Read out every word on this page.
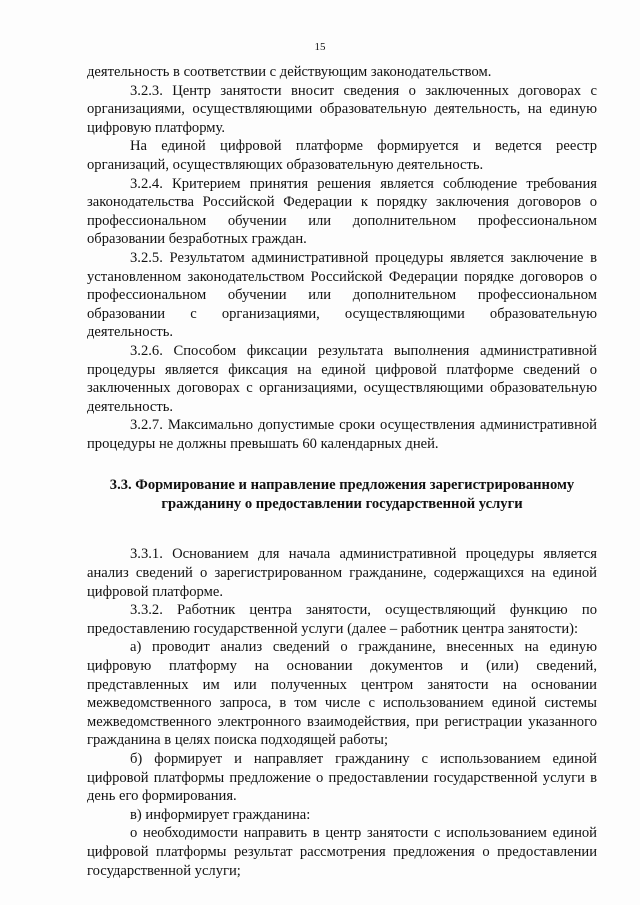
15

деятельность в соответствии с действующим законодательством.

3.2.3. Центр занятости вносит сведения о заключенных договорах с организациями, осуществляющими образовательную деятельность, на единую цифровую платформу.

На единой цифровой платформе формируется и ведется реестр организаций, осуществляющих образовательную деятельность.

3.2.4. Критерием принятия решения является соблюдение требования законодательства Российской Федерации к порядку заключения договоров о профессиональном обучении или дополнительном профессиональном образовании безработных граждан.

3.2.5. Результатом административной процедуры является заключение в установленном законодательством Российской Федерации порядке договоров о профессиональном обучении или дополнительном профессиональном образовании с организациями, осуществляющими образовательную деятельность.

3.2.6. Способом фиксации результата выполнения административной процедуры является фиксация на единой цифровой платформе сведений о заключенных договорах с организациями, осуществляющими образовательную деятельность.

3.2.7. Максимально допустимые сроки осуществления административной процедуры не должны превышать 60 календарных дней.

3.3. Формирование и направление предложения зарегистрированному гражданину о предоставлении государственной услуги

3.3.1. Основанием для начала административной процедуры является анализ сведений о зарегистрированном гражданине, содержащихся на единой цифровой платформе.

3.3.2. Работник центра занятости, осуществляющий функцию по предоставлению государственной услуги (далее – работник центра занятости):

а) проводит анализ сведений о гражданине, внесенных на единую цифровую платформу на основании документов и (или) сведений, представленных им или полученных центром занятости на основании межведомственного запроса, в том числе с использованием единой системы межведомственного электронного взаимодействия, при регистрации указанного гражданина в целях поиска подходящей работы;

б) формирует и направляет гражданину с использованием единой цифровой платформы предложение о предоставлении государственной услуги в день его формирования.

в) информирует гражданина:

о необходимости направить в центр занятости с использованием единой цифровой платформы результат рассмотрения предложения о предоставлении государственной услуги;
